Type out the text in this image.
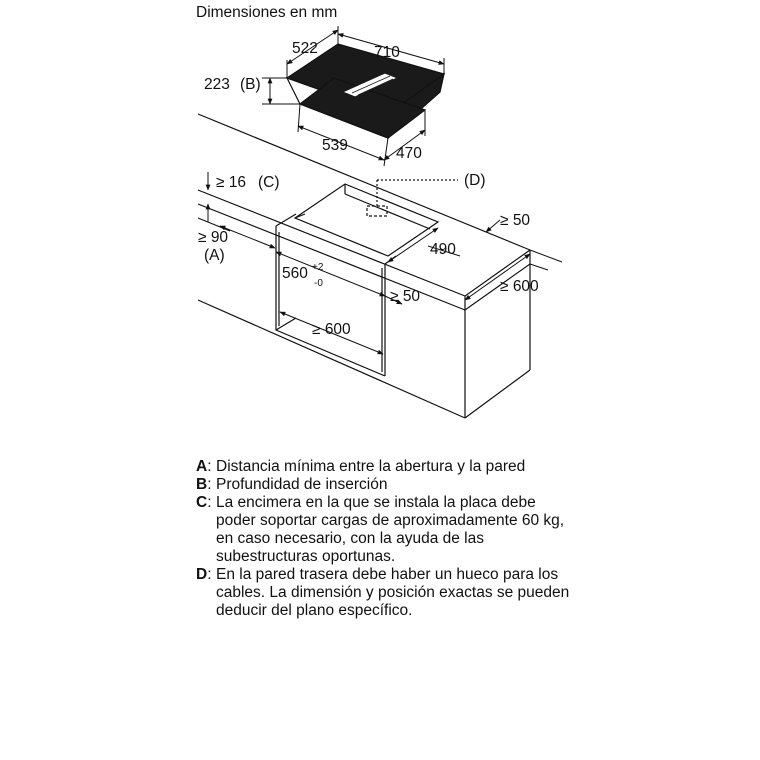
Dimensiones en mm
522	710
223 (B)
539	470
≥ 16 (C)	(D)
≥ 50
≥ 90
(A)	490
560 +2
-0
≥ 50
≥ 600
≥ 600
A: Distancia mínima entre la abertura y la pared
B: Profundidad de inserción
C: La encimera en la que se instala la placa debe poder soportar cargas de aproximadamente 60 kg, en caso necesario, con la ayuda de las subestructuras oportunas.
D: En la pared trasera debe haber un hueco para los cables. La dimensión y posición exactas se pueden deducir del plano específico.
